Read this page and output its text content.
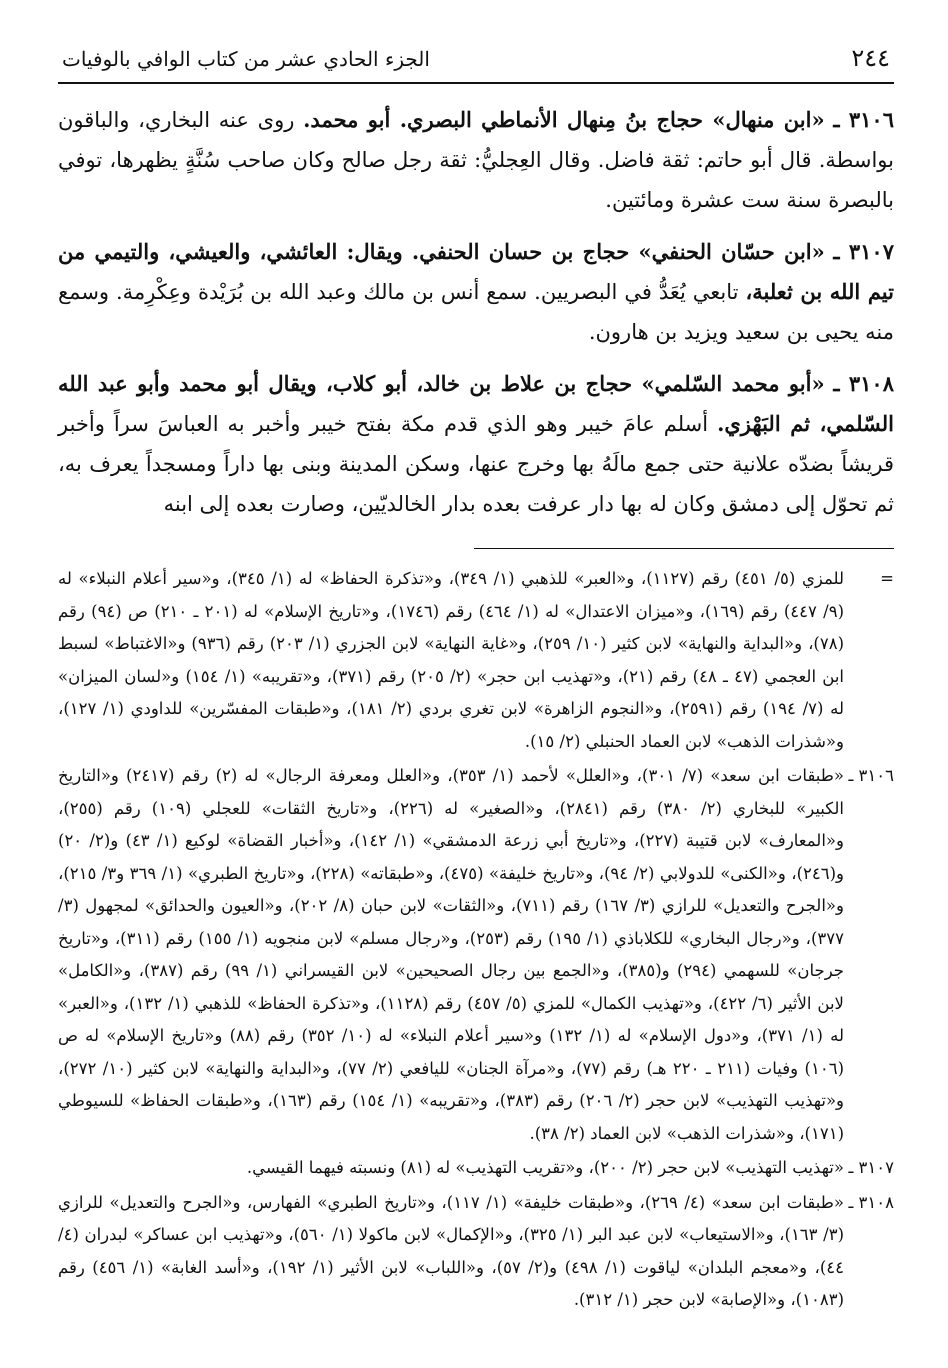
٢٤٤
الجزء الحادي عشر من كتاب الوافي بالوفيات

٣١٠٦ ـ «ابن منهال» حجاج بنُ مِنهال الأنماطي البصري. أبو محمد. روى عنه البخاري، والباقون بواسطة. قال أبو حاتم: ثقة فاضل. وقال العِجليُّ: ثقة رجل صالح وكان صاحب سُنَّةٍ يظهرها، توفي بالبصرة سنة ست عشرة ومائتين.

٣١٠٧ ـ «ابن حسّان الحنفي» حجاج بن حسان الحنفي. ويقال: العائشي، والعيشي، والتيمي من تيم الله بن ثعلبة، تابعي يُعَدُّ في البصريين. سمع أنس بن مالك وعبد الله بن بُرَيْدة وعِكْرِمة. وسمع منه يحيى بن سعيد ويزيد بن هارون.

٣١٠٨ ـ «أبو محمد السّلمي» حجاج بن علاط بن خالد، أبو كلاب، ويقال أبو محمد وأبو عبد الله السّلمي، ثم البَهْزي. أسلم عامَ خيبر وهو الذي قدم مكة بفتح خيبر وأخبر به العباسَ سراً وأخبر قريشاً بضدّه علانية حتى جمع مالَهُ بها وخرج عنها، وسكن المدينة وبنى بها داراً ومسجداً يعرف به، ثم تحوّل إلى دمشق وكان له بها دار عرفت بعده بدار الخالديّين، وصارت بعده إلى ابنه

=
للمزي (٥/ ٤٥١) رقم (١١٢٧)، و«العبر» للذهبي (١/ ٣٤٩)، و«تذكرة الحفاظ» له (١/ ٣٤٥)، و«سير أعلام النبلاء» له (٩/ ٤٤٧) رقم (١٦٩)، و«ميزان الاعتدال» له (١/ ٤٦٤) رقم (١٧٤٦)، و«تاريخ الإسلام» له (٢٠١ ـ ٢١٠) ص (٩٤) رقم (٧٨)، و«البداية والنهاية» لابن كثير (١٠/ ٢٥٩)، و«غاية النهاية» لابن الجزري (١/ ٢٠٣) رقم (٩٣٦) و«الاغتباط» لسبط ابن العجمي (٤٧ ـ ٤٨) رقم (٢١)، و«تهذيب ابن حجر» (٢/ ٢٠٥) رقم (٣٧١)، و«تقريبه» (١/ ١٥٤) و«لسان الميزان» له (٧/ ١٩٤) رقم (٢٥٩١)، و«النجوم الزاهرة» لابن تغري بردي (٢/ ١٨١)، و«طبقات المفسّرين» للداودي (١/ ١٢٧)، و«شذرات الذهب» لابن العماد الحنبلي (٢/ ١٥).
٣١٠٦ ـ
«طبقات ابن سعد» (٧/ ٣٠١)، و«العلل» لأحمد (١/ ٣٥٣)، و«العلل ومعرفة الرجال» له (٢) رقم (٢٤١٧) و«التاريخ الكبير» للبخاري (٢/ ٣٨٠) رقم (٢٨٤١)، و«الصغير» له (٢٢٦)، و«تاريخ الثقات» للعجلي (١٠٩) رقم (٢٥٥)، و«المعارف» لابن قتيبة (٢٢٧)، و«تاريخ أبي زرعة الدمشقي» (١/ ١٤٢)، و«أخبار القضاة» لوكيع (١/ ٤٣) و(٢/ ٢٠) و(٢٤٦)، و«الكنى» للدولابي (٢/ ٩٤)، و«تاريخ خليفة» (٤٧٥)، و«طبقاته» (٢٢٨)، و«تاريخ الطبري» (١/ ٣٦٩ و٣/ ٢١٥)، و«الجرح والتعديل» للرازي (٣/ ١٦٧) رقم (٧١١)، و«الثقات» لابن حبان (٨/ ٢٠٢)، و«العيون والحدائق» لمجهول (٣/ ٣٧٧)، و«رجال البخاري» للكلاباذي (١/ ١٩٥) رقم (٢٥٣)، و«رجال مسلم» لابن منجويه (١/ ١٥٥) رقم (٣١١)، و«تاريخ جرجان» للسهمي (٢٩٤) و(٣٨٥)، و«الجمع بين رجال الصحيحين» لابن القيسراني (١/ ٩٩) رقم (٣٨٧)، و«الكامل» لابن الأثير (٦/ ٤٢٢)، و«تهذيب الكمال» للمزي (٥/ ٤٥٧) رقم (١١٢٨)، و«تذكرة الحفاظ» للذهبي (١/ ١٣٢)، و«العبر» له (١/ ٣٧١)، و«دول الإسلام» له (١/ ١٣٢) و«سير أعلام النبلاء» له (١٠/ ٣٥٢) رقم (٨٨) و«تاريخ الإسلام» له ص (١٠٦) وفيات (٢١١ ـ ٢٢٠ هـ) رقم (٧٧)، و«مرآة الجنان» لليافعي (٢/ ٧٧)، و«البداية والنهاية» لابن كثير (١٠/ ٢٧٢)، و«تهذيب التهذيب» لابن حجر (٢/ ٢٠٦) رقم (٣٨٣)، و«تقريبه» (١/ ١٥٤) رقم (١٦٣)، و«طبقات الحفاظ» للسيوطي (١٧١)، و«شذرات الذهب» لابن العماد (٢/ ٣٨).
٣١٠٧ ـ
«تهذيب التهذيب» لابن حجر (٢/ ٢٠٠)، و«تقريب التهذيب» له (٨١) ونسبته فيهما القيسي.
٣١٠٨ ـ
«طبقات ابن سعد» (٤/ ٢٦٩)، و«طبقات خليفة» (١/ ١١٧)، و«تاريخ الطبري» الفهارس، و«الجرح والتعديل» للرازي (٣/ ١٦٣)، و«الاستيعاب» لابن عبد البر (١/ ٣٢٥)، و«الإكمال» لابن ماكولا (١/ ٥٦٠)، و«تهذيب ابن عساكر» لبدران (٤/ ٤٤)، و«معجم البلدان» لياقوت (١/ ٤٩٨) و(٢/ ٥٧)، و«اللباب» لابن الأثير (١/ ١٩٢)، و«أسد الغابة» (١/ ٤٥٦) رقم (١٠٨٣)، و«الإصابة» لابن حجر (١/ ٣١٢).
